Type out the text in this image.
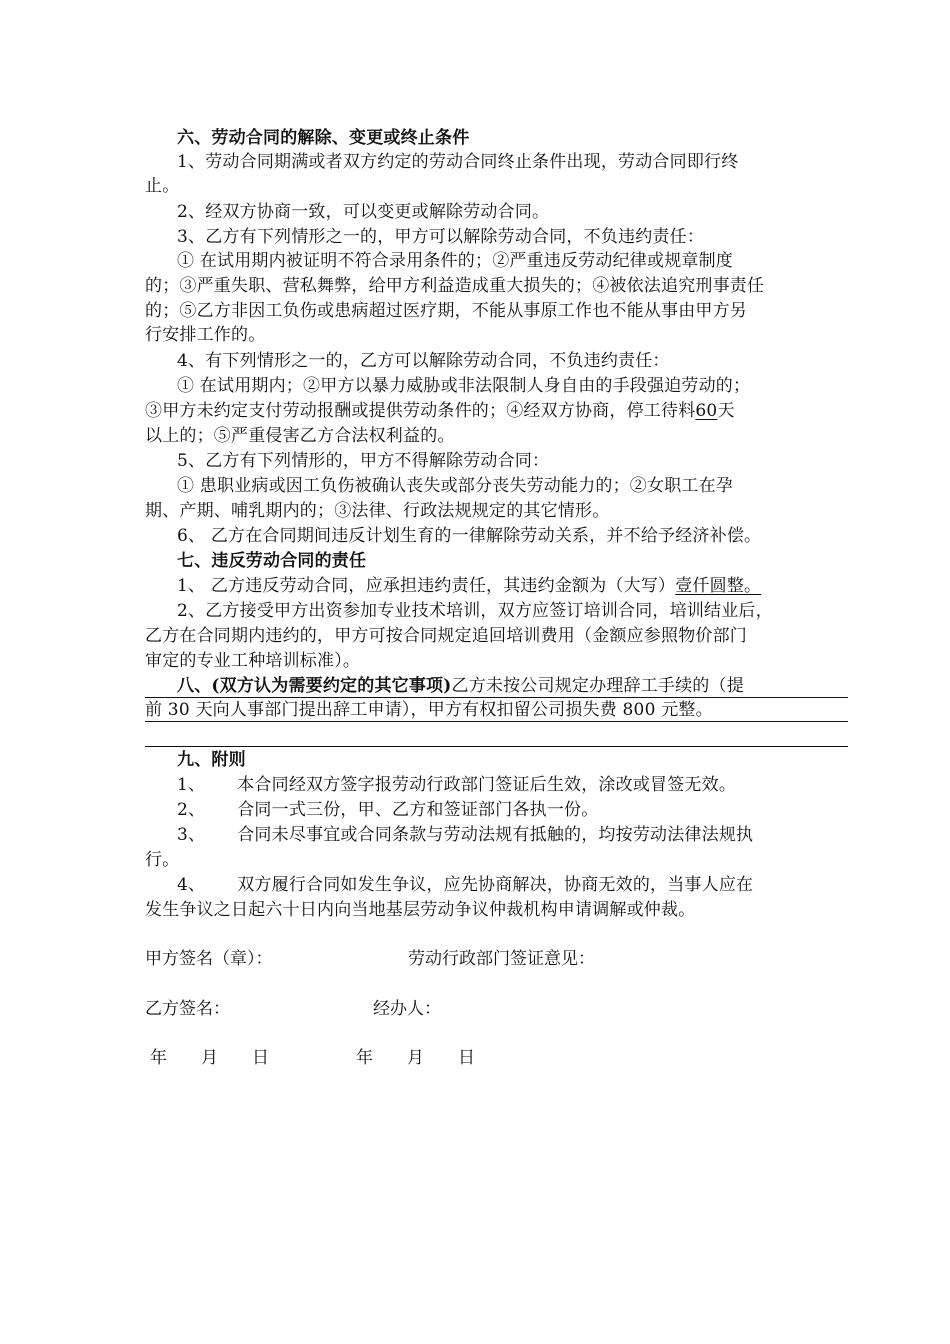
六、劳动合同的解除、变更或终止条件
1、劳动合同期满或者双方约定的劳动合同终止条件出现，劳动合同即行终
止。
2、经双方协商一致，可以变更或解除劳动合同。
3、乙方有下列情形之一的，甲方可以解除劳动合同，不负违约责任：
① 在试用期内被证明不符合录用条件的；②严重违反劳动纪律或规章制度
的；③严重失职、营私舞弊，给甲方利益造成重大损失的；④被依法追究刑事责任
的；⑤乙方非因工负伤或患病超过医疗期，不能从事原工作也不能从事由甲方另
行安排工作的。
4、有下列情形之一的，乙方可以解除劳动合同，不负违约责任：
① 在试用期内；②甲方以暴力威胁或非法限制人身自由的手段强迫劳动的；
③甲方未约定支付劳动报酬或提供劳动条件的；④经双方协商，停工待料60天
以上的；⑤严重侵害乙方合法权利益的。
5、乙方有下列情形的，甲方不得解除劳动合同：
① 患职业病或因工负伤被确认丧失或部分丧失劳动能力的；②女职工在孕
期、产期、哺乳期内的；③法律、行政法规规定的其它情形。
6、 乙方在合同期间违反计划生育的一律解除劳动关系，并不给予经济补偿。
七、违反劳动合同的责任
1、 乙方违反劳动合同，应承担违约责任，其违约金额为（大写）壹仟圆整。
2、乙方接受甲方出资参加专业技术培训，双方应签订培训合同，培训结业后，
乙方在合同期内违约的，甲方可按合同规定追回培训费用（金额应参照物价部门
审定的专业工种培训标准）。
八、(双方认为需要约定的其它事项)乙方未按公司规定办理辞工手续的（提
前 30 天向人事部门提出辞工申请），甲方有权扣留公司损失费 800 元整。
九、附则
1、 本合同经双方签字报劳动行政部门签证后生效，涂改或冒签无效。
2、 合同一式三份，甲、乙方和签证部门各执一份。
3、 合同未尽事宜或合同条款与劳动法规有抵触的，均按劳动法律法规执
行。
4、 双方履行合同如发生争议，应先协商解决，协商无效的，当事人应在
发生争议之日起六十日内向当地基层劳动争议仲裁机构申请调解或仲裁。
甲方签名（章）：	劳动行政部门签证意见：
乙方签名：	经办人：
年　　月　　日	年　　月　　日
